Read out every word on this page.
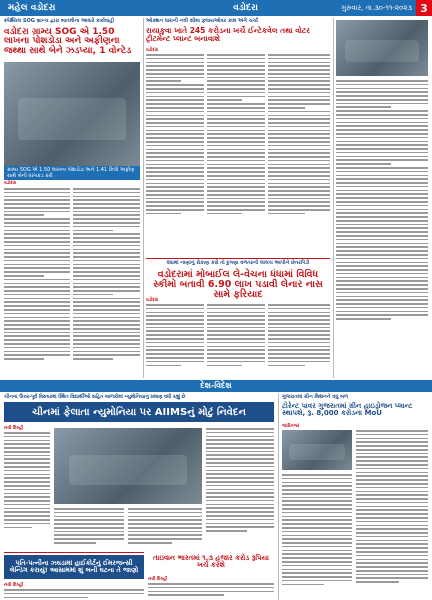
મહેલ વડોદરા	વડોદરા	ગુરુવાર, તા.૩૦-૧૧-૨૦૨૩ 3
સ્પેશ્યિલ SOG બ્રાન્ચ દ્વારા બાતમીના આધારે કાર્યવાહી
વડોદરા ગ્રામ્ય SOG એ 1.50 લાખના પોશડોડા અને અફીણના જથ્થા સાથે બેને ઝડપ્યા, 1 વોન્ટેડ
ગ્રામ્ય SOG એ 1.50 લાખના પોશડોડા અને 1.41 કિલો અફીણ સાથે બેની ધરપકડ કરી
વડોદરા
ઓક્શન ધારાની નવી સીમા ફ્લાયઓવર કામ અંગે ચર્ચા
રાયાકુવા ખાતે 245 કરોડના ખર્ચે ઈન્ટેકવેલ તથા વોટર ટ્રીટમેન્ટ પ્લાન્ટ બનાવાશે
વડોદરા
ધંધામાં નાણાંનું રોકાણ કરો તો દુગણા વળતરની લાલચ આપીને છેતરપિંડી
વડોદરામાં મોબાઈલ લે-વેચના ધંધામાં વિવિધ સ્કીમો બતાવી 6.90 લાખ પડાવી લેનાર નાસ સામે ફરિયાદ
વડોદરા
દેશ-વિદેશ
ચીનના ઉત્તર-પૂર્વ વિસ્તારમાં સ્થિત વિદ્યાર્થીઓ સહિત બાળકોમાં ન્યુમોનિયાનું પ્રમાણ વધી રહ્યું છે
ચીનમાં ફેલાતા ન્યુમોનિયા પર AIIMSનું મોટું નિવેદન
નવી દિલ્હી
ગુજરાતમાં ગ્રીન મિશનને વધુ બળ
ટોરેન્ટ પાવર ગુજરાતમાં ગ્રીન હાઇડ્રોજન પ્લાન્ટ સ્થાપશે, રૂ. 8,000 કરોડના MoU
ગાંધીનગર
પતિ-પત્નીના ઝઘડામાં હાઈકોર્ટનું ઈમરજન્સી લેન્ડિંગ કરાયું! આસામમાં શું બની ઘટના તે જાણો
નવી દિલ્હી
તાઇવાન ભારતમાં ૧.૩ હજાર કરોડ રૂપિયા ખર્ચ કરશે
નવી દિલ્હી
